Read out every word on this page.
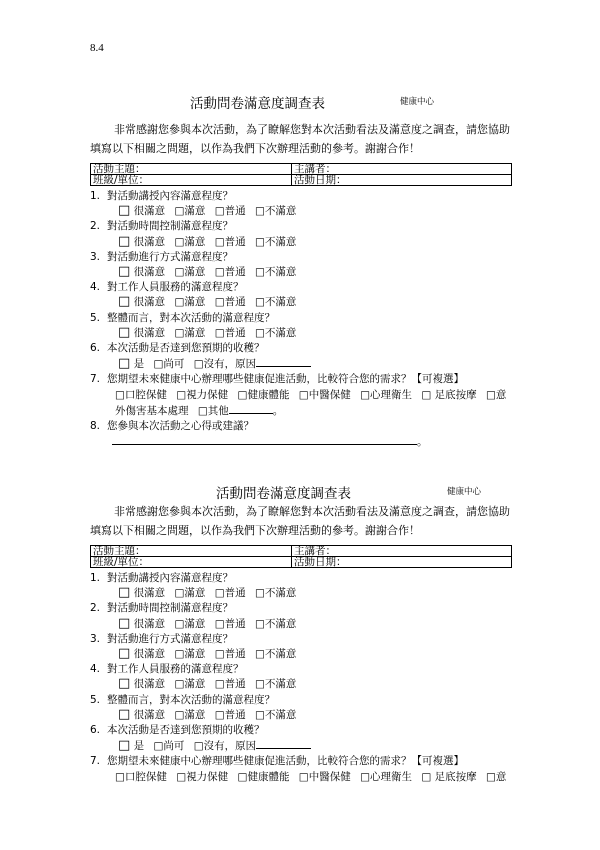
8.4
活動問卷滿意度調查表	健康中心
非常感謝您參與本次活動，為了瞭解您對本次活動看法及滿意度之調查，請您協助填寫以下相關之問題，以作為我們下次辦理活動的參考。謝謝合作！
活動主題：	主講者：
班級/單位：	活動日期：
1. 對活動講授內容滿意程度？
□ 很滿意 □滿意 □普通 □不滿意
2. 對活動時間控制滿意程度？
□ 很滿意 □滿意 □普通 □不滿意
3. 對活動進行方式滿意程度？
□ 很滿意 □滿意 □普通 □不滿意
4. 對工作人員服務的滿意程度？
□ 很滿意 □滿意 □普通 □不滿意
5. 整體而言，對本次活動的滿意程度？
□ 很滿意 □滿意 □普通 □不滿意
6. 本次活動是否達到您預期的收穫？
□ 是 □尚可 □沒有，原因
7. 您期望未來健康中心辦理哪些健康促進活動，比較符合您的需求？【可複選】
□口腔保健 □視力保健 □健康體能 □中醫保健 □心理衛生 □ 足底按摩 □意外傷害基本處理 □其他	。
8. 您參與本次活動之心得或建議？
。
活動問卷滿意度調查表	健康中心
非常感謝您參與本次活動，為了瞭解您對本次活動看法及滿意度之調查，請您協助填寫以下相關之問題，以作為我們下次辦理活動的參考。謝謝合作！
活動主題：	主講者：
班級/單位：	活動日期：
1. 對活動講授內容滿意程度？
□ 很滿意 □滿意 □普通 □不滿意
2. 對活動時間控制滿意程度？
□ 很滿意 □滿意 □普通 □不滿意
3. 對活動進行方式滿意程度？
□ 很滿意 □滿意 □普通 □不滿意
4. 對工作人員服務的滿意程度？
□ 很滿意 □滿意 □普通 □不滿意
5. 整體而言，對本次活動的滿意程度？
□ 很滿意 □滿意 □普通 □不滿意
6. 本次活動是否達到您預期的收穫？
□ 是 □尚可 □沒有，原因
7. 您期望未來健康中心辦理哪些健康促進活動，比較符合您的需求？【可複選】
□口腔保健 □視力保健 □健康體能 □中醫保健 □心理衛生 □ 足底按摩 □意
